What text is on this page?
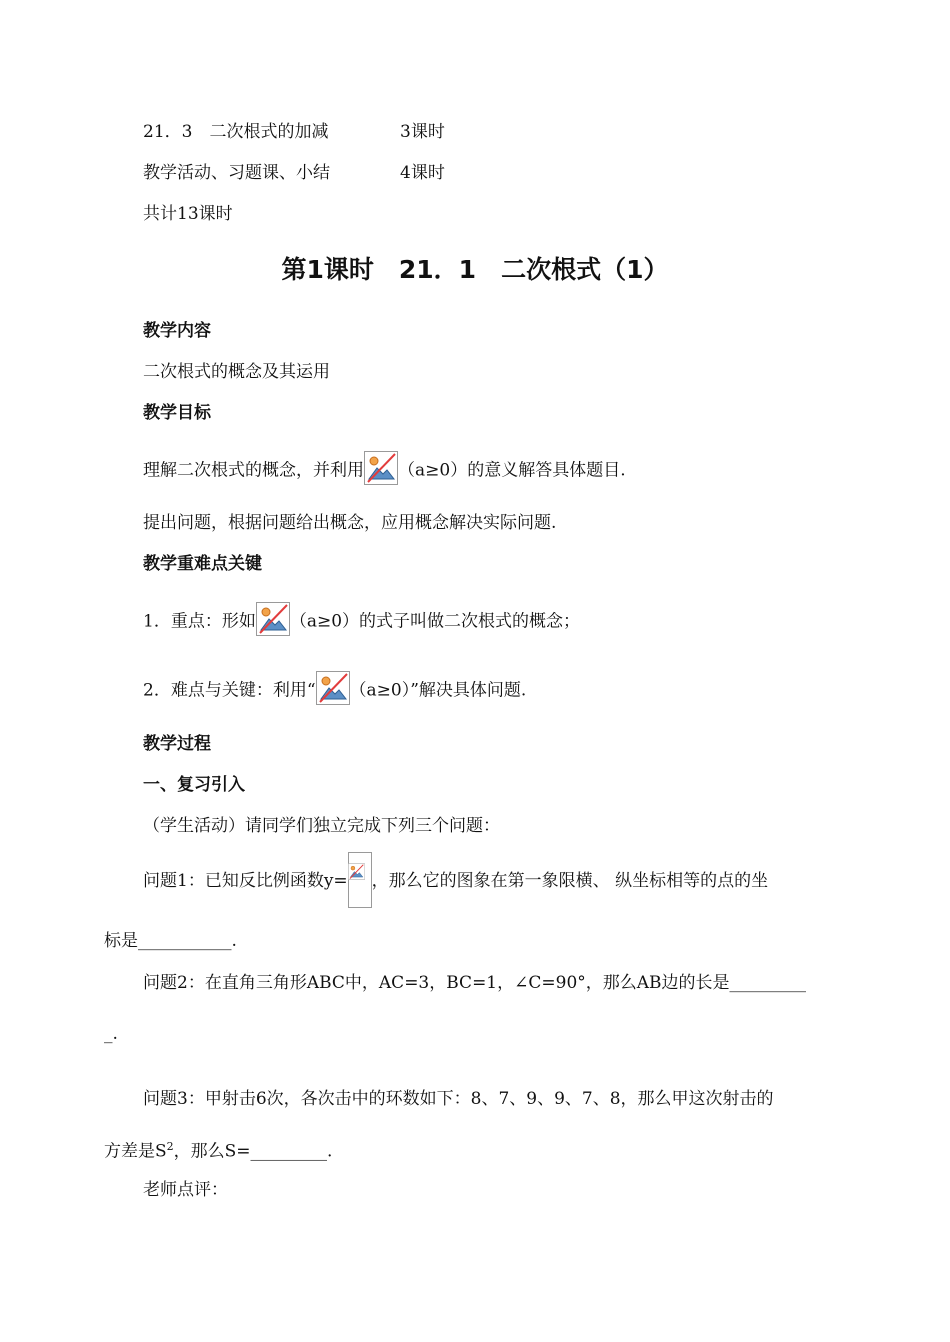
21．3　二次根式的加减	3课时
教学活动、习题课、小结	4课时
共计13课时
第1课时　21．1　二次根式（1）
教学内容
二次根式的概念及其运用
教学目标
理解二次根式的概念，并利用 （a≥0）的意义解答具体题目.
提出问题，根据问题给出概念，应用概念解决实际问题.
教学重难点关键
1．重点：形如 （a≥0）的式子叫做二次根式的概念；
2．难点与关键：利用“ （a≥0）”解决具体问题.
教学过程
一、复习引入
（学生活动）请同学们独立完成下列三个问题：
问题1：已知反比例函数y= ，那么它的图象在第一象限横、 纵坐标相等的点的坐
标是___________.
问题2：在直角三角形ABC中，AC=3，BC=1，∠C=90°，那么AB边的长是_________
_.
问题3：甲射击6次，各次击中的环数如下：8、7、9、9、7、8，那么甲这次射击的
方差是$S^2$，那么S=_________.
老师点评：
